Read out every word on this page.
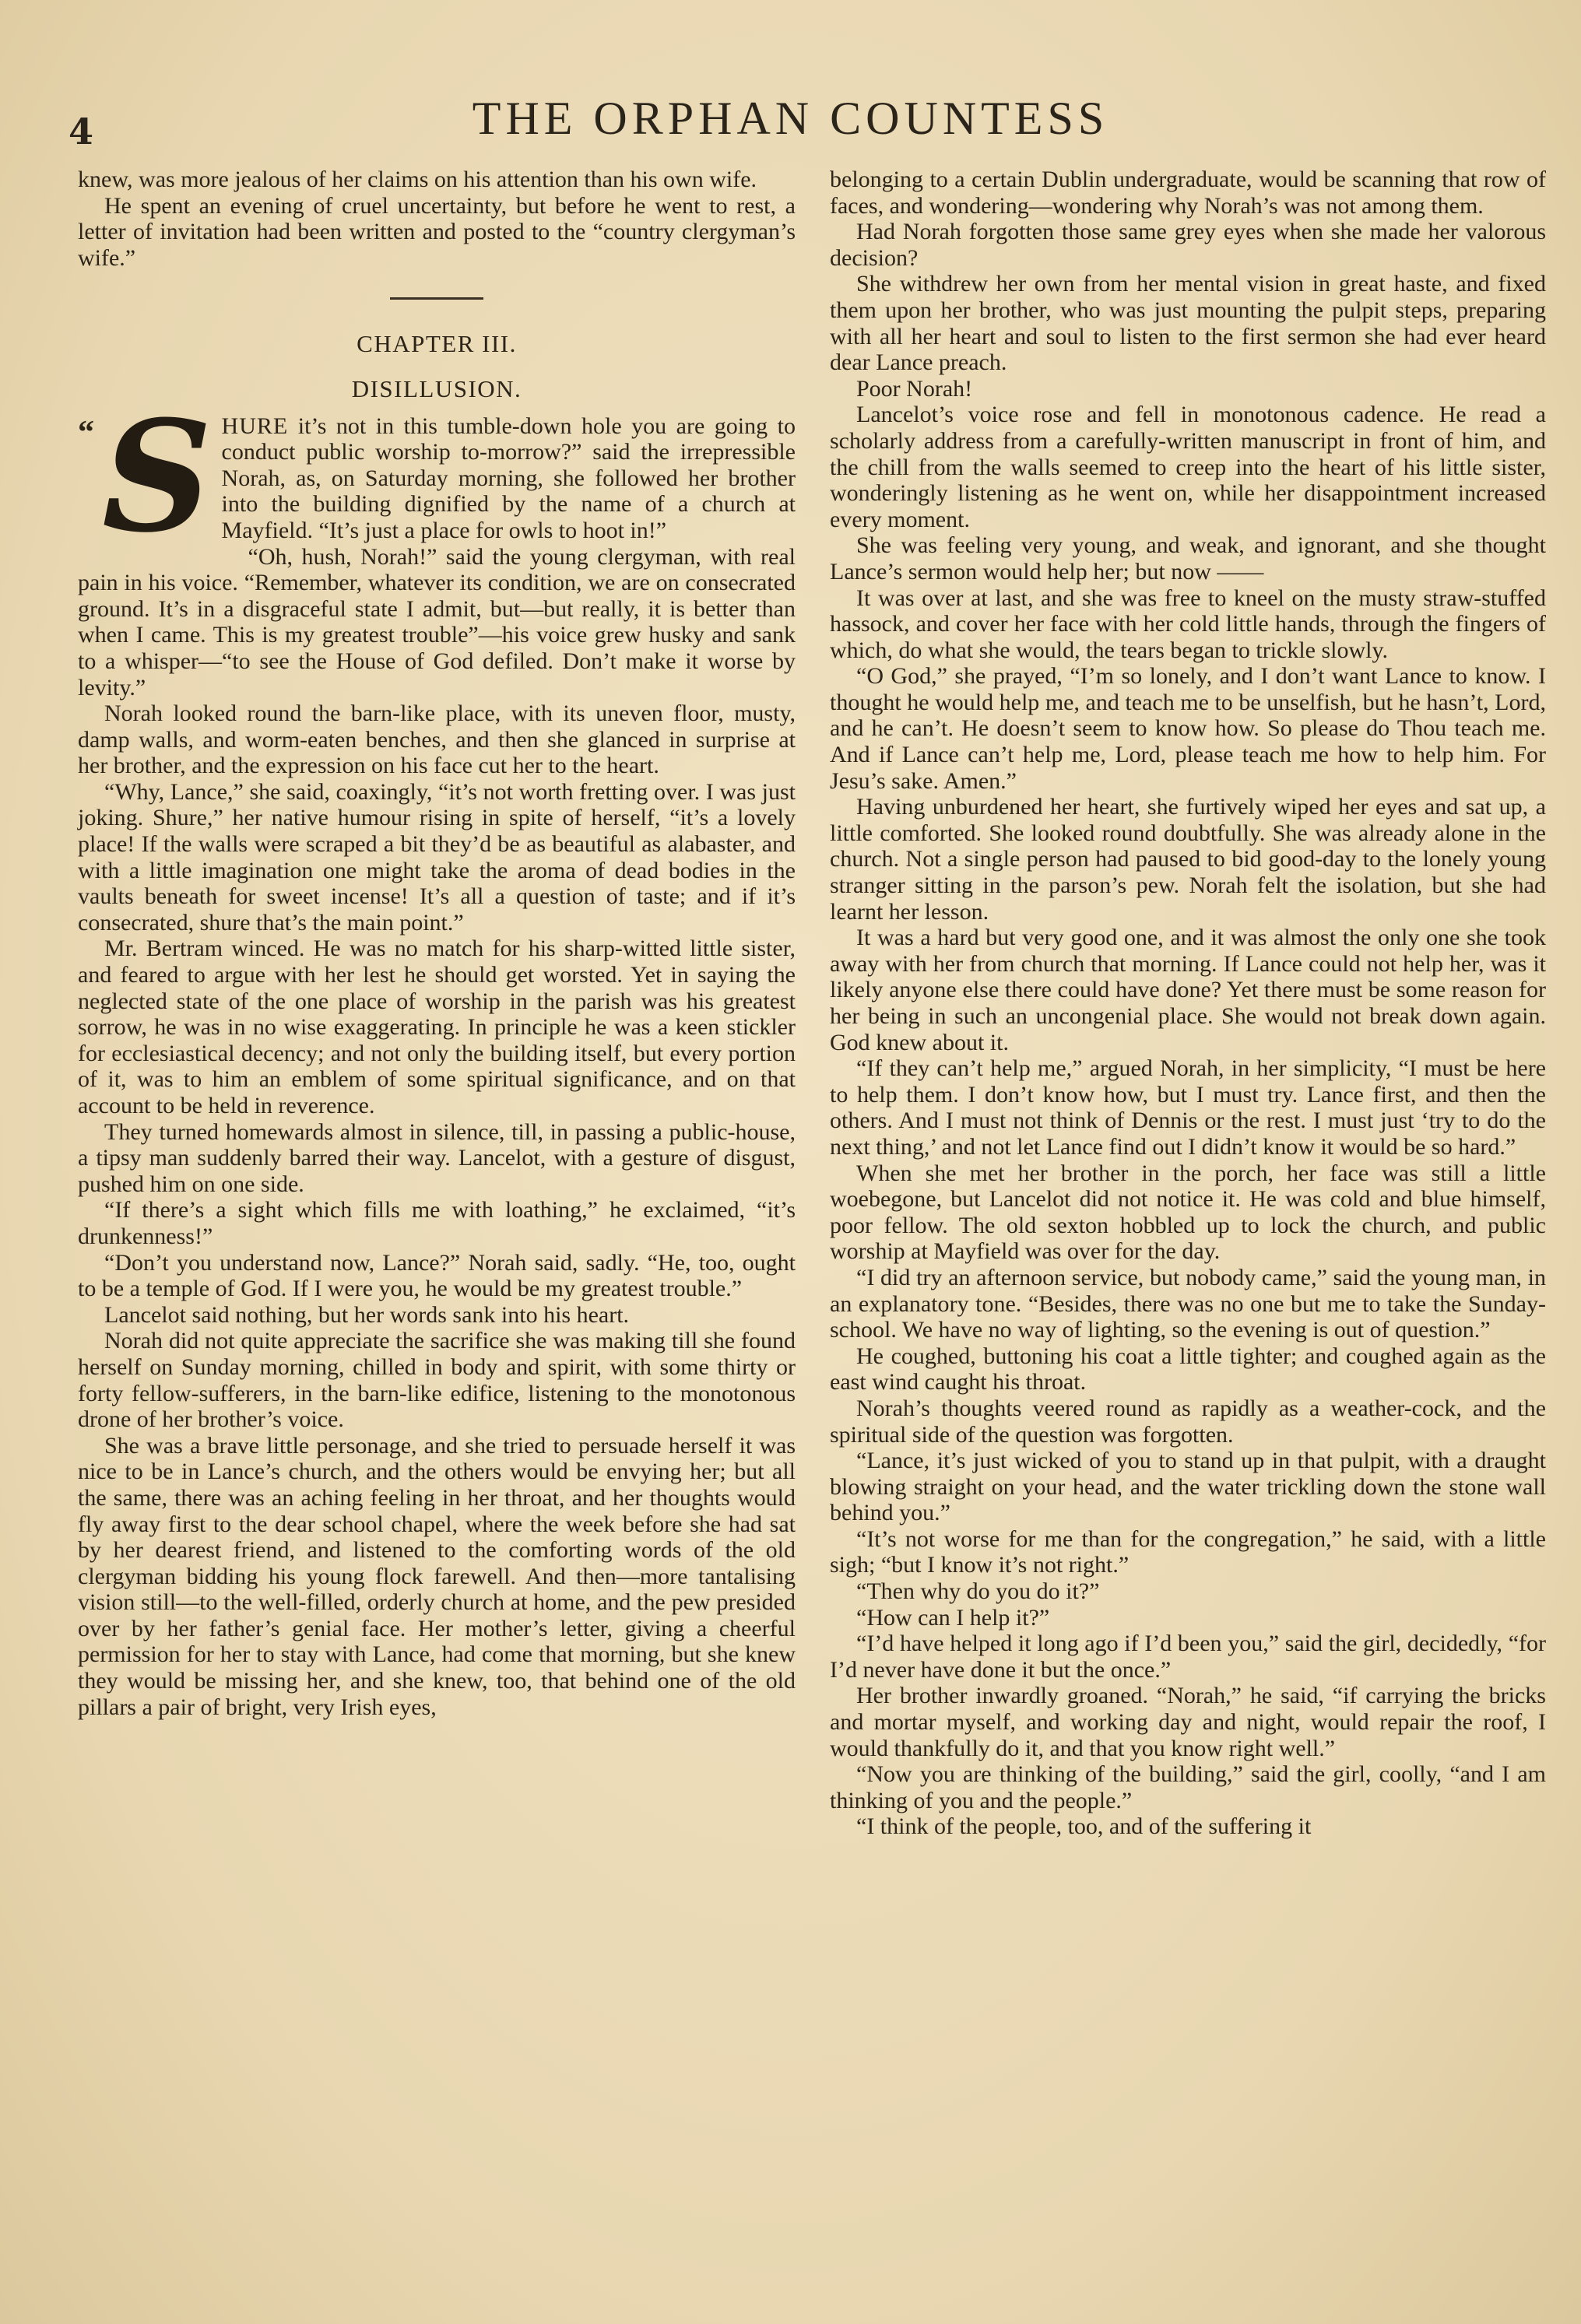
4	THE ORPHAN COUNTESS

knew, was more jealous of her claims on his attention than his own wife.

He spent an evening of cruel uncertainty, but before he went to rest, a letter of invitation had been written and posted to the “country clergyman’s wife.”

CHAPTER III.
DISILLUSION.

“ S HURE it’s not in this tumble-down hole you are going to conduct public worship to-morrow?” said the irrepressible Norah, as, on Saturday morning, she followed her brother into the building dignified by the name of a church at Mayfield. “It’s just a place for owls to hoot in!”

“Oh, hush, Norah!” said the young clergyman, with real pain in his voice. “Remember, whatever its condition, we are on consecrated ground. It’s in a disgraceful state I admit, but—but really, it is better than when I came. This is my greatest trouble”—his voice grew husky and sank to a whisper—“to see the House of God defiled. Don’t make it worse by levity.”

Norah looked round the barn-like place, with its uneven floor, musty, damp walls, and worm-eaten benches, and then she glanced in surprise at her brother, and the expression on his face cut her to the heart.

“Why, Lance,” she said, coaxingly, “it’s not worth fretting over. I was just joking. Shure,” her native humour rising in spite of herself, “it’s a lovely place! If the walls were scraped a bit they’d be as beautiful as alabaster, and with a little imagination one might take the aroma of dead bodies in the vaults beneath for sweet incense! It’s all a question of taste; and if it’s consecrated, shure that’s the main point.”

Mr. Bertram winced. He was no match for his sharp-witted little sister, and feared to argue with her lest he should get worsted. Yet in saying the neglected state of the one place of worship in the parish was his greatest sorrow, he was in no wise exaggerating. In principle he was a keen stickler for ecclesiastical decency; and not only the building itself, but every portion of it, was to him an emblem of some spiritual significance, and on that account to be held in reverence.

They turned homewards almost in silence, till, in passing a public-house, a tipsy man suddenly barred their way. Lancelot, with a gesture of disgust, pushed him on one side.

“If there’s a sight which fills me with loathing,” he exclaimed, “it’s drunkenness!”

“Don’t you understand now, Lance?” Norah said, sadly. “He, too, ought to be a temple of God. If I were you, he would be my greatest trouble.”

Lancelot said nothing, but her words sank into his heart.

Norah did not quite appreciate the sacrifice she was making till she found herself on Sunday morning, chilled in body and spirit, with some thirty or forty fellow-sufferers, in the barn-like edifice, listening to the monotonous drone of her brother’s voice.

She was a brave little personage, and she tried to persuade herself it was nice to be in Lance’s church, and the others would be envying her; but all the same, there was an aching feeling in her throat, and her thoughts would fly away first to the dear school chapel, where the week before she had sat by her dearest friend, and listened to the comforting words of the old clergyman bidding his young flock farewell. And then—more tantalising vision still—to the well-filled, orderly church at home, and the pew presided over by her father’s genial face. Her mother’s letter, giving a cheerful permission for her to stay with Lance, had come that morning, but she knew they would be missing her, and she knew, too, that behind one of the old pillars a pair of bright, very Irish eyes,

belonging to a certain Dublin undergraduate, would be scanning that row of faces, and wondering—wondering why Norah’s was not among them.

Had Norah forgotten those same grey eyes when she made her valorous decision?

She withdrew her own from her mental vision in great haste, and fixed them upon her brother, who was just mounting the pulpit steps, preparing with all her heart and soul to listen to the first sermon she had ever heard dear Lance preach.

Poor Norah!

Lancelot’s voice rose and fell in monotonous cadence. He read a scholarly address from a carefully-written manuscript in front of him, and the chill from the walls seemed to creep into the heart of his little sister, wonderingly listening as he went on, while her disappointment increased every moment.

She was feeling very young, and weak, and ignorant, and she thought Lance’s sermon would help her; but now ——

It was over at last, and she was free to kneel on the musty straw-stuffed hassock, and cover her face with her cold little hands, through the fingers of which, do what she would, the tears began to trickle slowly.

“O God,” she prayed, “I’m so lonely, and I don’t want Lance to know. I thought he would help me, and teach me to be unselfish, but he hasn’t, Lord, and he can’t. He doesn’t seem to know how. So please do Thou teach me. And if Lance can’t help me, Lord, please teach me how to help him. For Jesu’s sake. Amen.”

Having unburdened her heart, she furtively wiped her eyes and sat up, a little comforted. She looked round doubtfully. She was already alone in the church. Not a single person had paused to bid good-day to the lonely young stranger sitting in the parson’s pew. Norah felt the isolation, but she had learnt her lesson.

It was a hard but very good one, and it was almost the only one she took away with her from church that morning. If Lance could not help her, was it likely anyone else there could have done? Yet there must be some reason for her being in such an uncongenial place. She would not break down again. God knew about it.

“If they can’t help me,” argued Norah, in her simplicity, “I must be here to help them. I don’t know how, but I must try. Lance first, and then the others. And I must not think of Dennis or the rest. I must just ‘try to do the next thing,’ and not let Lance find out I didn’t know it would be so hard.”

When she met her brother in the porch, her face was still a little woebegone, but Lancelot did not notice it. He was cold and blue himself, poor fellow. The old sexton hobbled up to lock the church, and public worship at Mayfield was over for the day.

“I did try an afternoon service, but nobody came,” said the young man, in an explanatory tone. “Besides, there was no one but me to take the Sunday-school. We have no way of lighting, so the evening is out of question.”

He coughed, buttoning his coat a little tighter; and coughed again as the east wind caught his throat.

Norah’s thoughts veered round as rapidly as a weather-cock, and the spiritual side of the question was forgotten.

“Lance, it’s just wicked of you to stand up in that pulpit, with a draught blowing straight on your head, and the water trickling down the stone wall behind you.”

“It’s not worse for me than for the congregation,” he said, with a little sigh; “but I know it’s not right.”

“Then why do you do it?”

“How can I help it?”

“I’d have helped it long ago if I’d been you,” said the girl, decidedly, “for I’d never have done it but the once.”

Her brother inwardly groaned. “Norah,” he said, “if carrying the bricks and mortar myself, and working day and night, would repair the roof, I would thankfully do it, and that you know right well.”

“Now you are thinking of the building,” said the girl, coolly, “and I am thinking of you and the people.”

“I think of the people, too, and of the suffering it
